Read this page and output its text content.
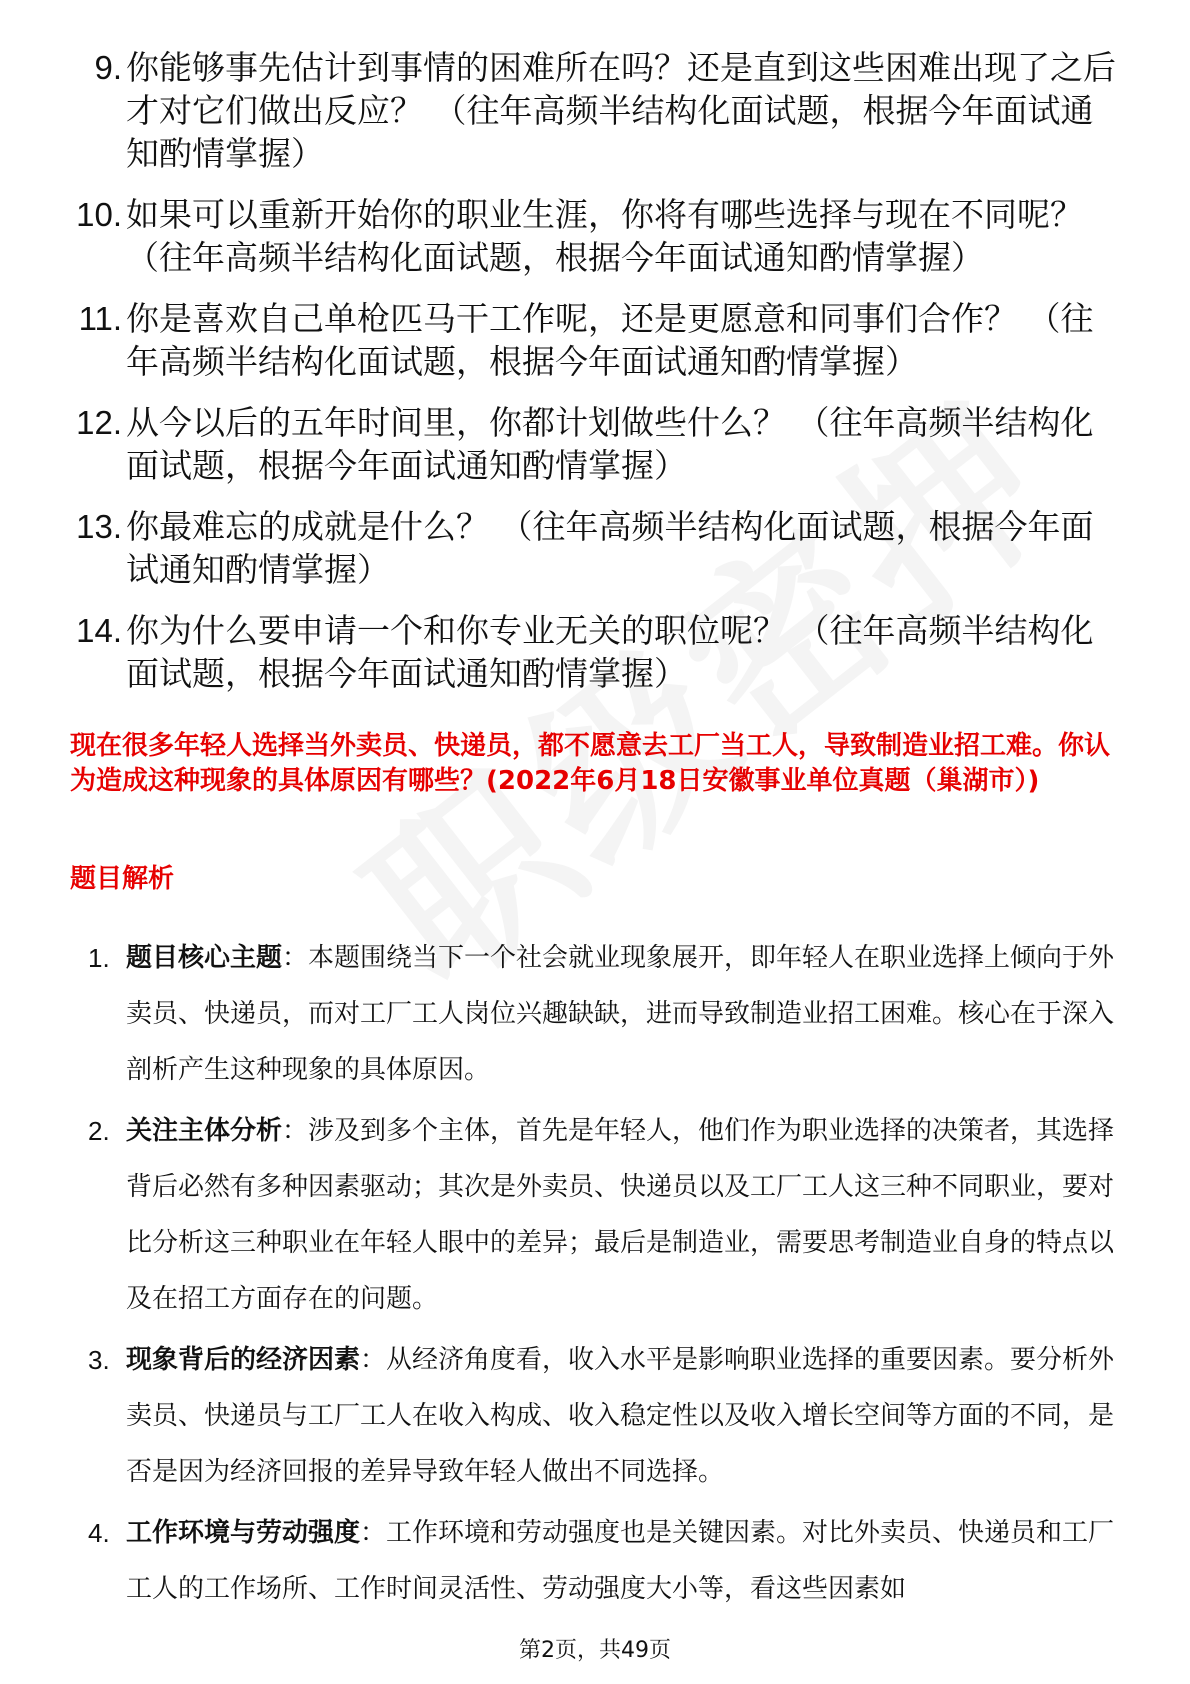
9. 你能够事先估计到事情的困难所在吗？还是直到这些困难出现了之后才对它们做出反应？ （往年高频半结构化面试题，根据今年面试通知酌情掌握）
10. 如果可以重新开始你的职业生涯，你将有哪些选择与现在不同呢？ （往年高频半结构化面试题，根据今年面试通知酌情掌握）
11. 你是喜欢自己单枪匹马干工作呢，还是更愿意和同事们合作？ （往年高频半结构化面试题，根据今年面试通知酌情掌握）
12. 从今以后的五年时间里，你都计划做些什么？ （往年高频半结构化面试题，根据今年面试通知酌情掌握）
13. 你最难忘的成就是什么？ （往年高频半结构化面试题，根据今年面试通知酌情掌握）
14. 你为什么要申请一个和你专业无关的职位呢？ （往年高频半结构化面试题，根据今年面试通知酌情掌握）
现在很多年轻人选择当外卖员、快递员，都不愿意去工厂当工人，导致制造业招工难。你认为造成这种现象的具体原因有哪些？(2022年6月18日安徽事业单位真题（巢湖市）)
题目解析
1. 题目核心主题：本题围绕当下一个社会就业现象展开，即年轻人在职业选择上倾向于外卖员、快递员，而对工厂工人岗位兴趣缺缺，进而导致制造业招工困难。核心在于深入剖析产生这种现象的具体原因。
2. 关注主体分析：涉及到多个主体，首先是年轻人，他们作为职业选择的决策者，其选择背后必然有多种因素驱动；其次是外卖员、快递员以及工厂工人这三种不同职业，要对比分析这三种职业在年轻人眼中的差异；最后是制造业，需要思考制造业自身的特点以及在招工方面存在的问题。
3. 现象背后的经济因素：从经济角度看，收入水平是影响职业选择的重要因素。要分析外卖员、快递员与工厂工人在收入构成、收入稳定性以及收入增长空间等方面的不同，是否是因为经济回报的差异导致年轻人做出不同选择。
4. 工作环境与劳动强度：工作环境和劳动强度也是关键因素。对比外卖员、快递员和工厂工人的工作场所、工作时间灵活性、劳动强度大小等，看这些因素如
第2页，共49页
